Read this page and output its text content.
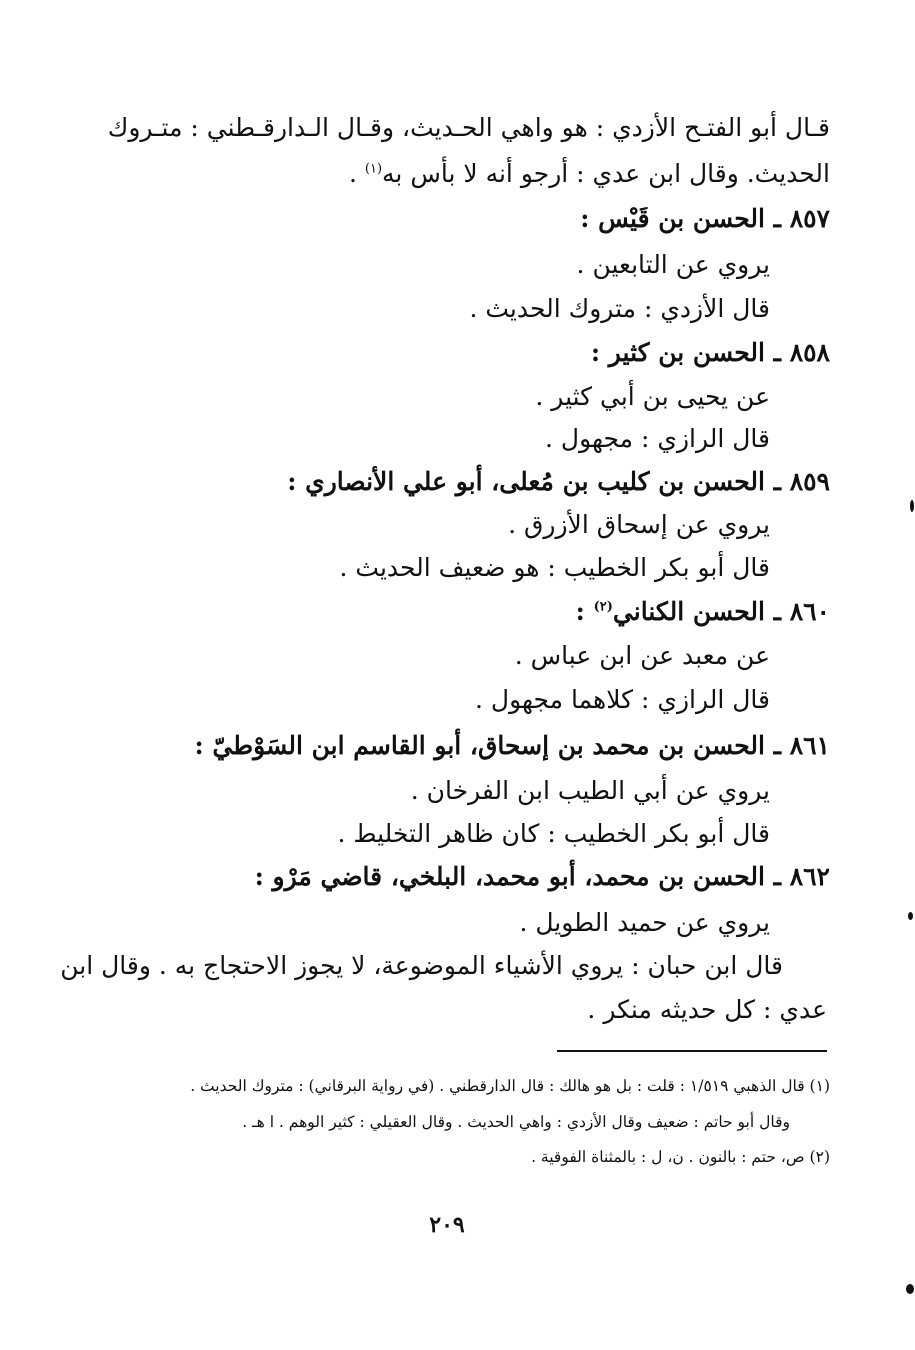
قـال أبو الفتـح الأزدي : هو واهي الحـديث، وقـال الـدارقـطني : متـروك
الحديث. وقال ابن عدي : أرجو أنه لا بأس به$^{(١)}$ .
٨٥٧ ـ الحسن بن قَيْس :
يروي عن التابعين .
قال الأزدي : متروك الحديث .
٨٥٨ ـ الحسن بن كثير :
عن يحيى بن أبي كثير .
قال الرازي : مجهول .
٨٥٩ ـ الحسن بن كليب بن مُعلى، أبو علي الأنصاري :
يروي عن إسحاق الأزرق .
قال أبو بكر الخطيب : هو ضعيف الحديث .
٨٦٠ ـ الحسن الكناني$^{(٢)}$ :
عن معبد عن ابن عباس .
قال الرازي : كلاهما مجهول .
٨٦١ ـ الحسن بن محمد بن إسحاق، أبو القاسم ابن السَوْطيّ :
يروي عن أبي الطيب ابن الفرخان .
قال أبو بكر الخطيب : كان ظاهر التخليط .
٨٦٢ ـ الحسن بن محمد، أبو محمد، البلخي، قاضي مَرْو :
يروي عن حميد الطويل .
قال ابن حبان : يروي الأشياء الموضوعة، لا يجوز الاحتجاج به . وقال ابن
عدي : كل حديثه منكر .
(١) قال الذهبي ١/٥١٩ : قلت : بل هو هالك : قال الدارقطني . (في رواية البرقاني) : متروك الحديث .
وقال أبو حاتم : ضعيف وقال الأزدي : واهي الحديث . وقال العقيلي : كثير الوهم . ا هـ .
(٢) ص، حتم : بالنون . ن، ل : بالمثناة الفوقية .
٢٠٩
